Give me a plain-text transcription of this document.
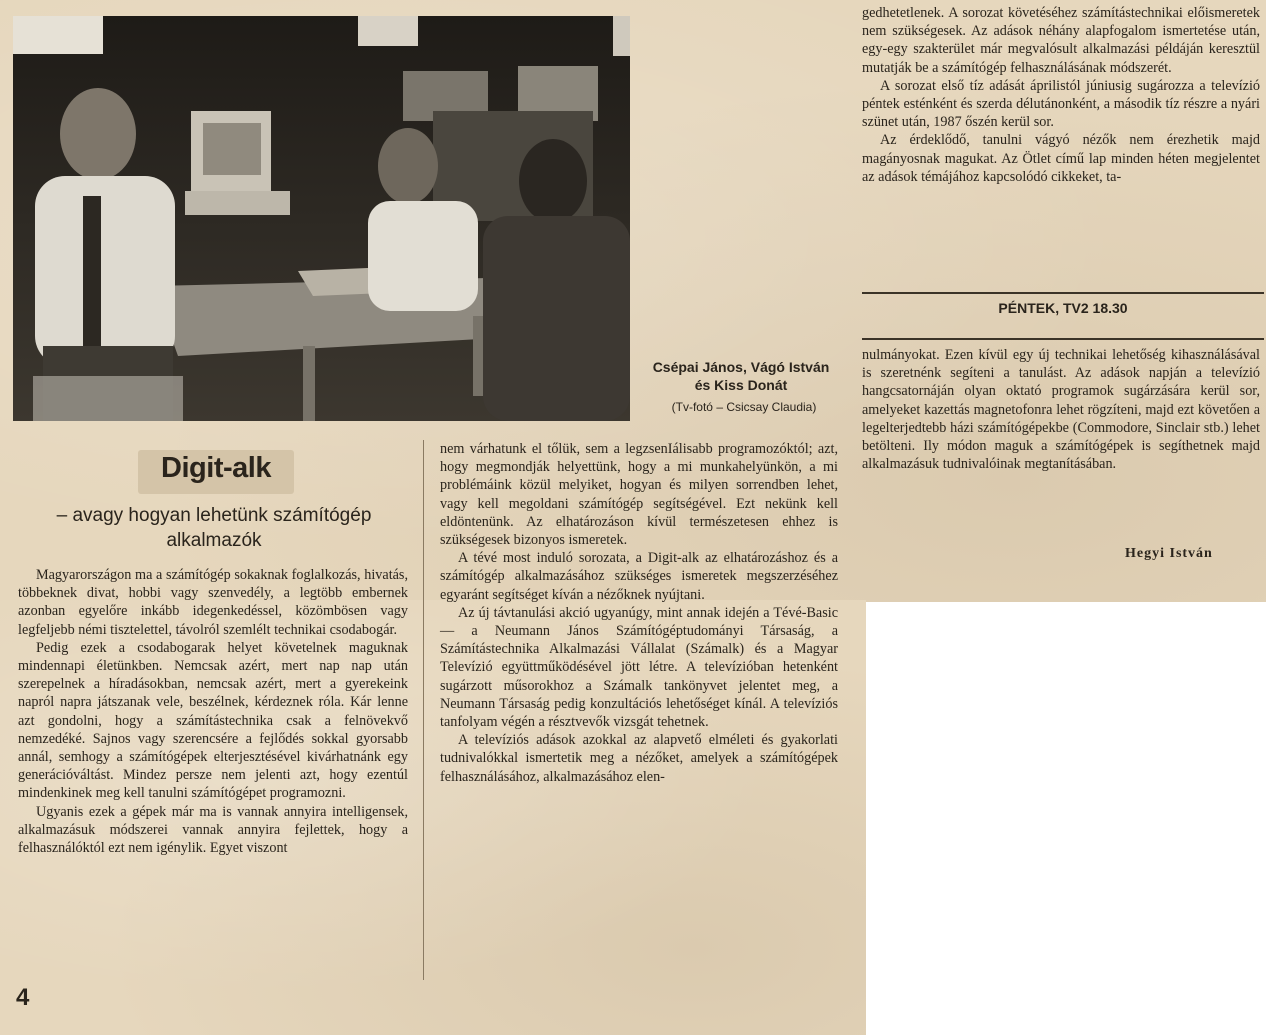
Csépai János, Vágó István és Kiss Donát
(Tv-fotó – Csicsay Claudia)
Digit-alk
– avagy hogyan lehetünk számítógép alkalmazók

Magyarországon ma a számítógép sokaknak foglalkozás, hivatás, többeknek divat, hobbi vagy szenvedély, a legtöbb embernek azonban egyelőre inkább idegenkedéssel, közömbösen vagy legfeljebb némi tisztelettel, távolról szemlélt technikai csodabogár.

Pedig ezek a csodabogarak helyet követelnek maguknak mindennapi életünkben. Nemcsak azért, mert nap nap után szerepelnek a híradásokban, nemcsak azért, mert a gyerekeink napról napra játszanak vele, beszélnek, kérdeznek róla. Kár lenne azt gondolni, hogy a számítástechnika csak a felnövekvő nemzedéké. Sajnos vagy szerencsére a fejlődés sokkal gyorsabb annál, semhogy a számítógépek elterjesztésével kivárhatnánk egy generációváltást. Mindez persze nem jelenti azt, hogy ezentúl mindenkinek meg kell tanulni számítógépet programozni.

Ugyanis ezek a gépek már ma is vannak annyira intelligensek, alkalmazásuk módszerei vannak annyira fejlettek, hogy a felhasználóktól ezt nem igénylik. Egyet viszont

nem várhatunk el tőlük, sem a legzsenIálisabb programozóktól; azt, hogy megmondják helyettünk, hogy a mi munkahelyünkön, a mi problémáink közül melyiket, hogyan és milyen sorrendben lehet, vagy kell megoldani számítógép segítségével. Ezt nekünk kell eldöntenünk. Az elhatározáson kívül természetesen ehhez is szükségesek bizonyos ismeretek.

A tévé most induló sorozata, a Digit-alk az elhatározáshoz és a számítógép alkalmazásához szükséges ismeretek megszerzéséhez egyaránt segítséget kíván a nézőknek nyújtani.

Az új távtanulási akció ugyanúgy, mint annak idején a Tévé-Basic — a Neumann János Számítógéptudományi Társaság, a Számítástechnika Alkalmazási Vállalat (Számalk) és a Magyar Televízió együttműködésével jött létre. A televízióban hetenként sugárzott műsorokhoz a Számalk tankönyvet jelentet meg, a Neumann Társaság pedig konzultációs lehetőséget kínál. A televíziós tanfolyam végén a résztvevők vizsgát tehetnek.

A televíziós adások azokkal az alapvető elméleti és gyakorlati tudnivalókkal ismertetik meg a nézőket, amelyek a számítógépek felhasználásához, alkalmazásához elen-

gedhetetlenek. A sorozat követéséhez számítástechnikai előismeretek nem szükségesek. Az adások néhány alapfogalom ismertetése után, egy-egy szakterület már megvalósult alkalmazási példáján keresztül mutatják be a számítógép felhasználásának módszerét.

A sorozat első tíz adását áprilistól júniusig sugározza a televízió péntek esténként és szerda délutánonként, a második tíz részre a nyári szünet után, 1987 őszén kerül sor.

Az érdeklődő, tanulni vágyó nézők nem érezhetik majd magányosnak magukat. Az Ötlet című lap minden héten megjelentet az adások témájához kapcsolódó cikkeket, ta-

PÉNTEK, TV2 18.30

nulmányokat. Ezen kívül egy új technikai lehetőség kihasználásával is szeretnénk segíteni a tanulást. Az adások napján a televízió hangcsatornáján olyan oktató programok sugárzására kerül sor, amelyeket kazettás magnetofonra lehet rögzíteni, majd ezt követően a legelterjedtebb házi számítógépekbe (Commodore, Sinclair stb.) lehet betölteni. Ily módon maguk a számítógépek is segíthetnek majd alkalmazásuk tudnivalóinak megtanításában.

Hegyi István
4
